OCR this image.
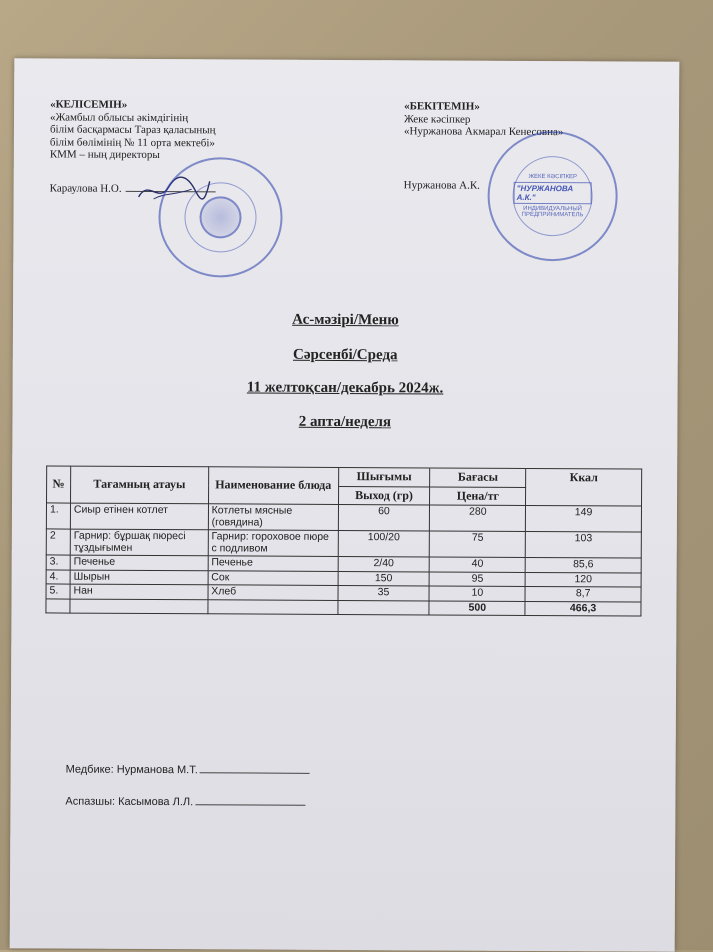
«КЕЛІСЕМІН»
«Жамбыл облысы әкімдігінің
білім басқармасы Тараз қаласының
білім бөлімінің № 11 орта мектебі»
КММ – ның директоры
Караулова Н.О.
«БЕКІТЕМІН»
Жеке кәсіпкер
«Нуржанова Акмарал Кенесовна»
Нуржанова А.К.
ЖЕКЕ КӘСІПКЕР
"НУРЖАНОВА А.К."
ИНДИВИДУАЛЬНЫЙ ПРЕДПРИНИМАТЕЛЬ
Ас-мәзірі/Меню
Сәрсенбі/Среда
11 желтоқсан/декабрь 2024ж.
2 апта/неделя
№	Тағамның атауы	Наименование блюда	Шығымы	Бағасы	Ккал
			Выход (гр)	Цена/тг	
1.	Сиыр етінен котлет	Котлеты мясные (говядина)	60	280	149
2	Гарнир: бұршақ пюресі тұздығымен	Гарнир: гороховое пюре с подливом	100/20	75	103
3.	Печенье	Печенье	2/40	40	85,6
4.	Шырын	Сок	150	95	120
5.	Нан	Хлеб	35	10	8,7
				500	466,3
Медбике: Нурманова М.Т.
Аспазшы: Касымова Л.Л.
